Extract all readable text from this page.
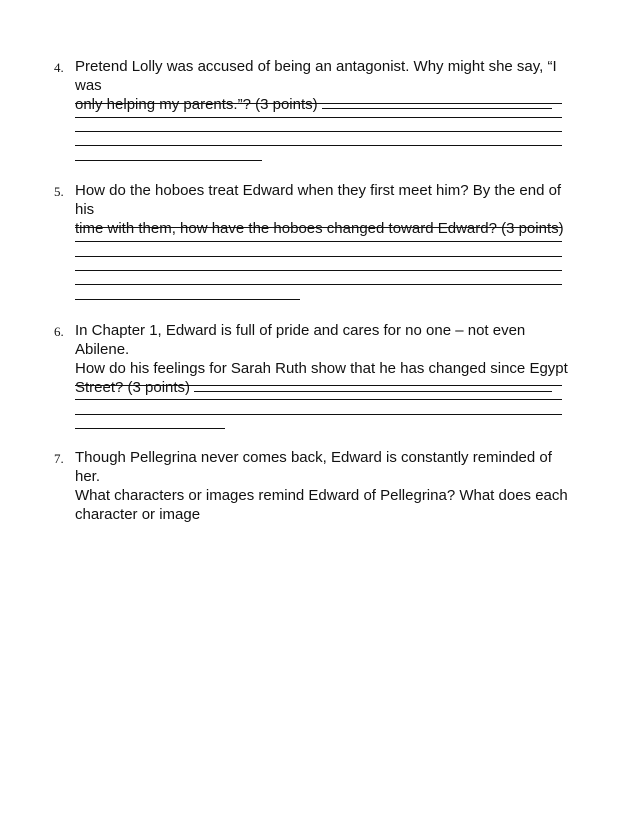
4. Pretend Lolly was accused of being an antagonist. Why might she say, “I was
only helping my parents.”? (3 points)
5. How do the hoboes treat Edward when they first meet him? By the end of his
time with them, how have the hoboes changed toward Edward? (3 points)
6. In Chapter 1, Edward is full of pride and cares for no one – not even Abilene.
How do his feelings for Sarah Ruth show that he has changed since Egypt
Street? (3 points)
7. Though Pellegrina never comes back, Edward is constantly reminded of her.
What characters or images remind Edward of Pellegrina? What does each
character or image
